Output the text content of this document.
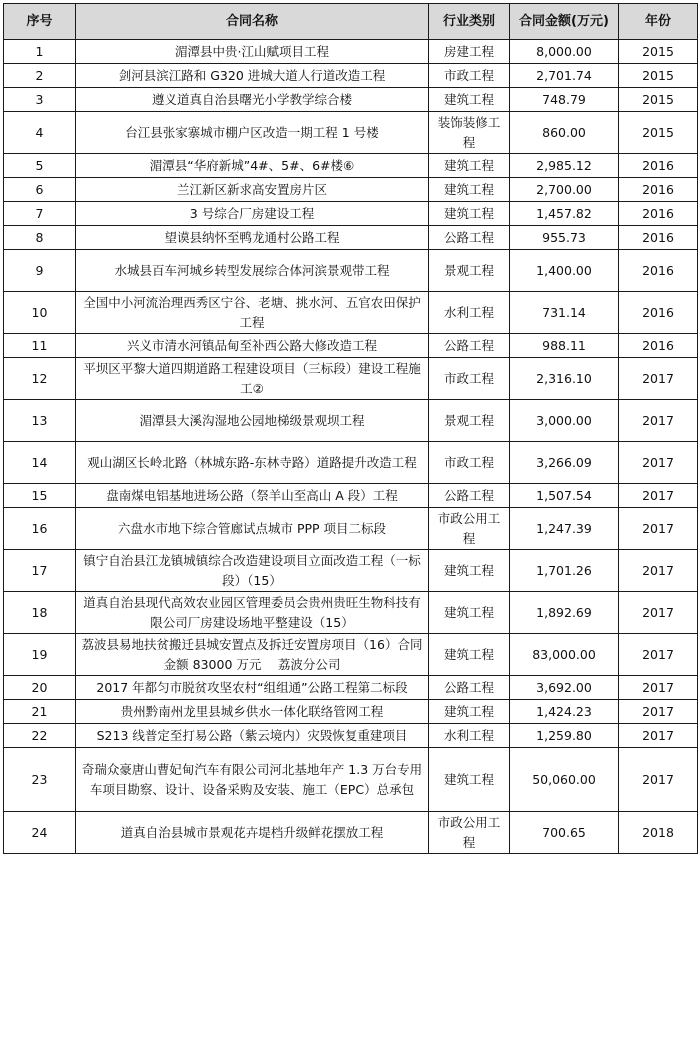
序号	合同名称	行业类别	合同金额(万元)	年份
1	湄潭县中贵·江山赋项目工程	房建工程	8,000.00	2015
2	剑河县滨江路和 G320 进城大道人行道改造工程	市政工程	2,701.74	2015
3	遵义道真自治县曙光小学教学综合楼	建筑工程	748.79	2015
4	台江县张家寨城市棚户区改造一期工程 1 号楼	装饰装修工程	860.00	2015
5	湄潭县“华府新城”4#、5#、6#楼⑥	建筑工程	2,985.12	2016
6	兰江新区新求高安置房片区	建筑工程	2,700.00	2016
7	3 号综合厂房建设工程	建筑工程	1,457.82	2016
8	望谟县纳怀至鸭龙通村公路工程	公路工程	955.73	2016
9	水城县百车河城乡转型发展综合体河滨景观带工程	景观工程	1,400.00	2016
10	全国中小河流治理西秀区宁谷、老塘、挑水河、五官农田保护工程	水利工程	731.14	2016
11	兴义市清水河镇品甸至补西公路大修改造工程	公路工程	988.11	2016
12	平坝区平黎大道四期道路工程建设项目（三标段）建设工程施工②	市政工程	2,316.10	2017
13	湄潭县大溪沟湿地公园地梯级景观坝工程	景观工程	3,000.00	2017
14	观山湖区长岭北路（林城东路-东林寺路）道路提升改造工程	市政工程	3,266.09	2017
15	盘南煤电铝基地进场公路（祭羊山至高山 A 段）工程	公路工程	1,507.54	2017
16	六盘水市地下综合管廊试点城市 PPP 项目二标段	市政公用工程	1,247.39	2017
17	镇宁自治县江龙镇城镇综合改造建设项目立面改造工程（一标段）（15）	建筑工程	1,701.26	2017
18	道真自治县现代高效农业园区管理委员会贵州贵旺生物科技有限公司厂房建设场地平整建设（15）	建筑工程	1,892.69	2017
19	荔波县易地扶贫搬迁县城安置点及拆迁安置房项目（16）合同金额 83000 万元　 荔波分公司	建筑工程	83,000.00	2017
20	2017 年都匀市脱贫攻坚农村“组组通”公路工程第二标段	公路工程	3,692.00	2017
21	贵州黔南州龙里县城乡供水一体化联络管网工程	建筑工程	1,424.23	2017
22	S213 线普定至打易公路（紫云境内）灾毁恢复重建项目	水利工程	1,259.80	2017
23	奇瑞众豪唐山曹妃甸汽车有限公司河北基地年产 1.3 万台专用车项目勘察、设计、设备采购及安装、施工（EPC）总承包	建筑工程	50,060.00	2017
24	道真自治县城市景观花卉堤档升级鲜花摆放工程	市政公用工程	700.65	2018
